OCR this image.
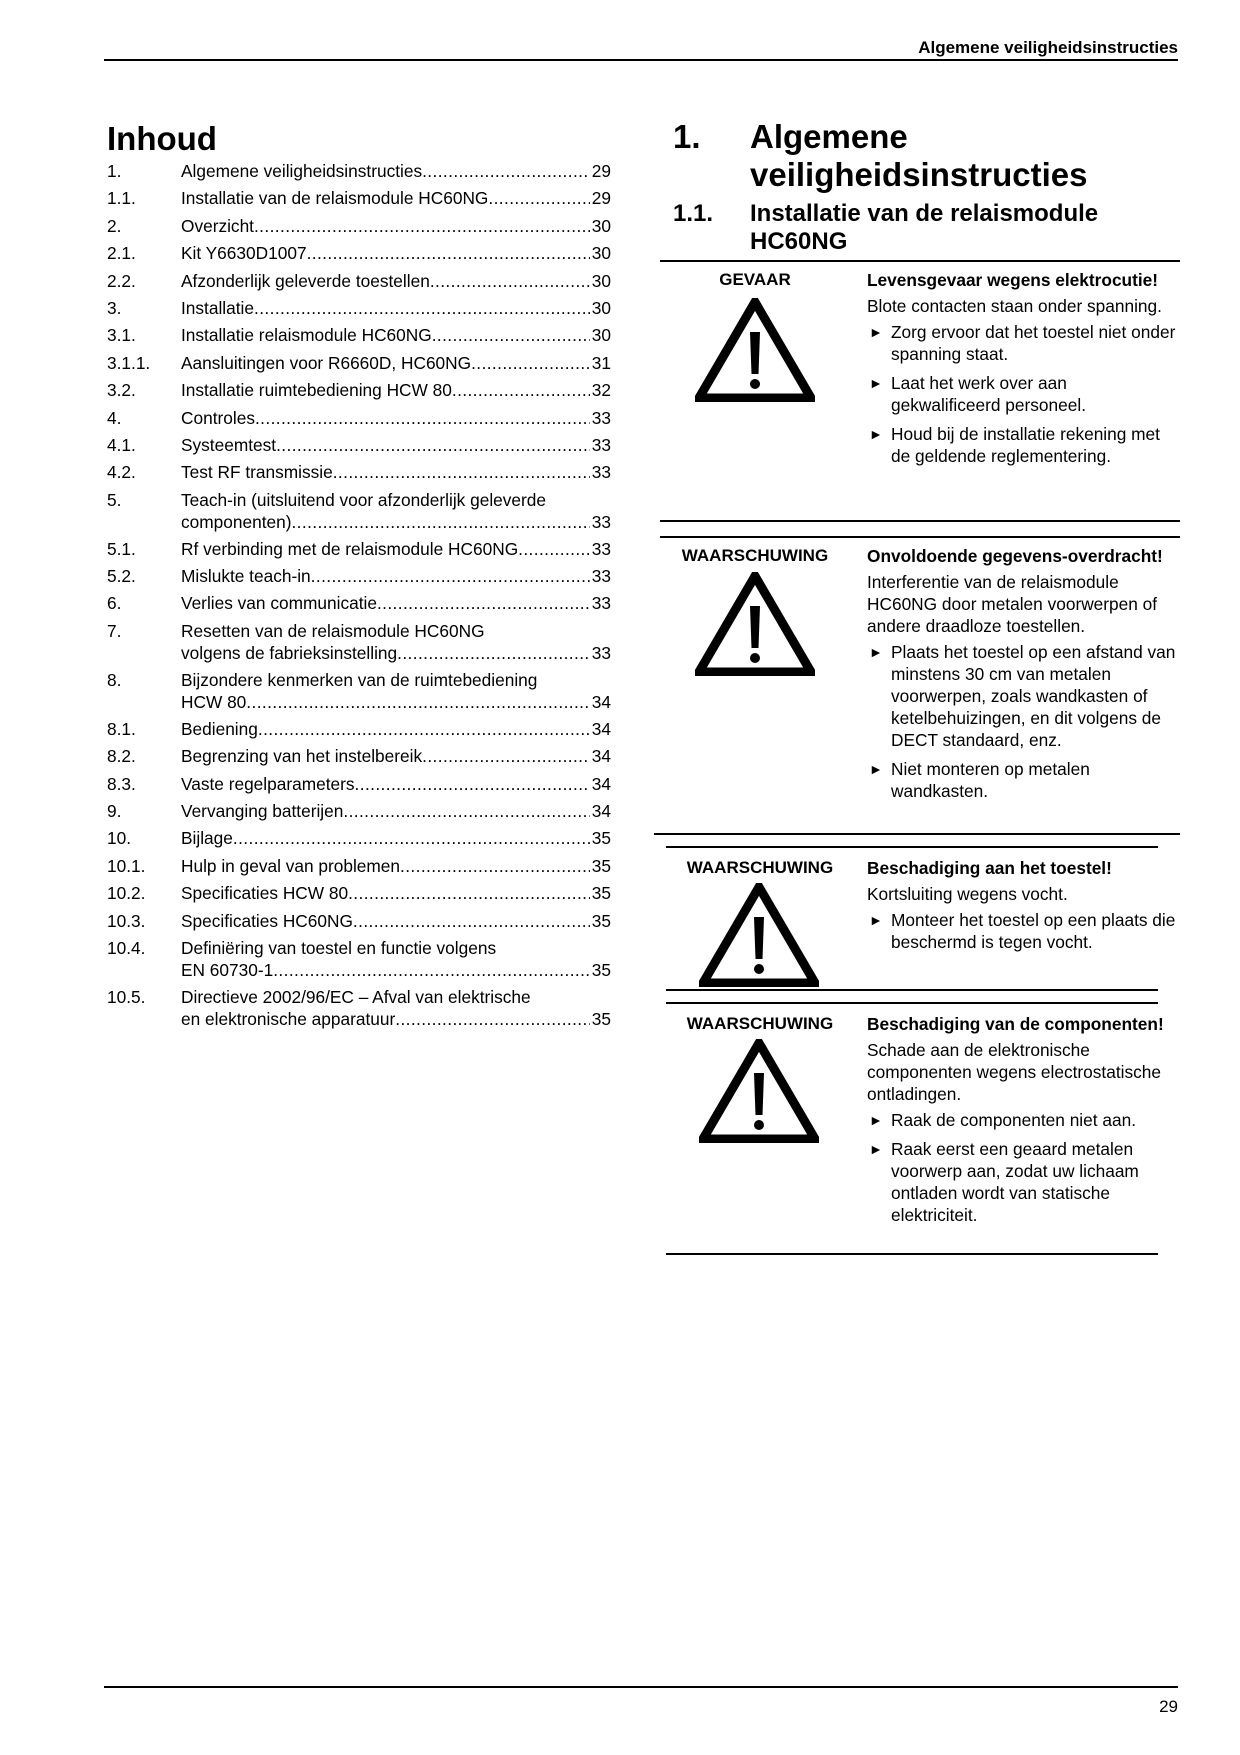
Algemene veiligheidsinstructies
Inhoud
1.	Algemene veiligheidsinstructies .....	29
1.1.	Installatie van de relaismodule HC60NG .....	29
2.	Overzicht .....	30
2.1.	Kit Y6630D1007 .....	30
2.2.	Afzonderlijk geleverde toestellen .....	30
3.	Installatie .....	30
3.1.	Installatie relaismodule HC60NG .....	30
3.1.1. Aansluitingen voor R6660D, HC60NG .....	31
3.2.	Installatie ruimtebediening HCW 80 .....	32
4.	Controles .....	33
4.1.	Systeemtest .....	33
4.2.	Test RF transmissie .....	33
5.	Teach-in (uitsluitend voor afzonderlijk geleverde
componenten) .....	33
5.1.	Rf verbinding met de relaismodule HC60NG .....	33
5.2.	Mislukte teach-in .....	33
6.	Verlies van communicatie .....	33
7.	Resetten van de relaismodule HC60NG
volgens de fabrieksinstelling .....	33
8.	Bijzondere kenmerken van de ruimtebediening
HCW 80 .....	34
8.1.	Bediening .....	34
8.2.	Begrenzing van het instelbereik .....	34
8.3.	Vaste regelparameters .....	34
9.	Vervanging batterijen .....	34
10.	Bijlage .....	35
10.1. Hulp in geval van problemen .....	35
10.2. Specificaties HCW 80 .....	35
10.3. Specificaties HC60NG .....	35
10.4. Definiëring van toestel en functie volgens
EN 60730-1 .....	35
10.5. Directieve 2002/96/EC – Afval van elektrische
en elektronische apparatuur .....	35
1. Algemene veiligheidsinstructies
1.1. Installatie van de relaismodule HC60NG
GEVAAR	Levensgevaar wegens elektrocutie!
Blote contacten staan onder spanning.
► Zorg ervoor dat het toestel niet onder spanning staat.
► Laat het werk over aan gekwalificeerd personeel.
► Houd bij de installatie rekening met de geldende reglementering.
WAARSCHUWING	Onvoldoende gegevens-overdracht!
Interferentie van de relaismodule HC60NG door metalen voorwerpen of andere draadloze toestellen.
► Plaats het toestel op een afstand van minstens 30 cm van metalen voorwerpen, zoals wandkasten of ketelbehuizingen, en dit volgens de DECT standaard, enz.
► Niet monteren op metalen wandkasten.
WAARSCHUWING	Beschadiging aan het toestel!
Kortsluiting wegens vocht.
► Monteer het toestel op een plaats die beschermd is tegen vocht.
WAARSCHUWING	Beschadiging van de componenten!
Schade aan de elektronische componenten wegens electrostatische ontladingen.
► Raak de componenten niet aan.
► Raak eerst een geaard metalen voorwerp aan, zodat uw lichaam ontladen wordt van statische elektriciteit.
29
